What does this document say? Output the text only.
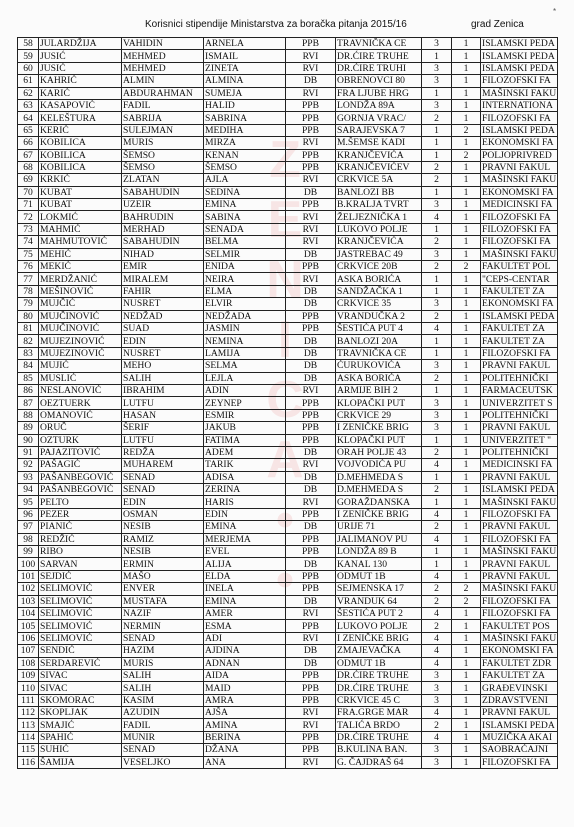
Korisnici stipendije Ministarstva za boračka pitanja 2015/16	grad Zenica
*
Z
E
N
I
C
A
•
•
58	JULARDŽIJA	VAHIDIN	ARNELA	PPB	TRAVNIČKA CE	3	1	ISLAMSKI PEDA
59	JUSIĆ	MEHMED	ISMAIL	RVI	DR.ĆIRE TRUHE	1	1	ISLAMSKI PEDA
60	JUSIĆ	MEHMED	ZINETA	RVI	DR.ĆIRE TRUHI	3	1	ISLAMSKI PEDA
61	KAHRIĆ	ALMIN	ALMINA	DB	OBRENOVCI 80	3	1	FILOZOFSKI FA
62	KARIĆ	ABDURAHMAN	SUMEJA	RVI	FRA LJUBE HRG	1	1	MAŠINSKI FAKU
63	KASAPOVIĆ	FADIL	HALID	PPB	LONDŽA 89A	3	1	INTERNATIONA
64	KELEŠTURA	SABRIJA	SABRINA	PPB	GORNJA VRAC/	2	1	FILOZOFSKI FA
65	KERIĆ	SULEJMAN	MEDIHA	PPB	SARAJEVSKA 7	1	2	ISLAMSKI PEDA
66	KOBILICA	MURIS	MIRZA	RVI	M.ŠEMSE KADI	1	1	EKONOMSKI FA
67	KOBILICA	ŠEMSO	KENAN	PPB	KRANJČEVIĆA	1	2	POLJOPRIVRED
68	KOBILICA	ŠEMSO	ŠEMSO	PPB	KRANJČEVIĆEV	2	1	PRAVNI FAKUL
69	KRKIĆ	ZLATAN	AJLA	RVI	CRKVICE 5A	2	1	MAŠINSKI FAKU
70	KUBAT	SABAHUDIN	SEDINA	DB	BANLOZI BB	1	1	EKONOMSKI FA
71	KUBAT	UZEIR	EMINA	PPB	B.KRALJA TVRT	3	1	MEDICINSKI FA
72	LOKMIĆ	BAHRUDIN	SABINA	RVI	ŽELJEZNIČKA 1	4	1	FILOZOFSKI FA
73	MAHMIĆ	MERHAD	SENADA	RVI	LUKOVO POLJE	1	1	FILOZOFSKI FA
74	MAHMUTOVIĆ	SABAHUDIN	BELMA	RVI	KRANJČEVIĆA	2	1	FILOZOFSKI FA
75	MEHIĆ	NIHAD	SELMIR	DB	JASTREBAC 49	3	1	MAŠINSKI FAKU
76	MEKIĆ	EMIR	ENIDA	PPB	CRKVICE 20B	2	2	FAKULTET POL
77	MERDŽANIĆ	MIRALEM	NEIRA	RVI	ASKA BORIĆA	1	1	"CEPS-CENTAR
78	MEŠINOVIĆ	FAHIR	ELMA	DB	SANDŽAČKA 1	1	1	FAKULTET ZA
79	MUJČIĆ	NUSRET	ELVIR	DB	CRKVICE 35	3	1	EKONOMSKI FA
80	MUJČINOVIĆ	NEDŽAD	NEDŽADA	PPB	VRANDUČKA 2	2	1	ISLAMSKI PEDA
81	MUJČINOVIĆ	SUAD	JASMIN	PPB	ŠESTIĆA PUT 4	4	1	FAKULTET ZA
82	MUJEZINOVIĆ	EDIN	NEMINA	DB	BANLOZI 20A	1	1	FAKULTET ZA
83	MUJEZINOVIĆ	NUSRET	LAMIJA	DB	TRAVNIČKA CE	1	1	FILOZOFSKI FA
84	MUJIĆ	MEHO	SELMA	DB	ĆURUKOVIĆA	3	1	PRAVNI FAKUL
85	MUSLIĆ	SALIH	LEJLA	DB	ASKA BORIĆA	2	1	POLITEHNIČKI
86	NESLANOVIĆ	IBRAHIM	ADIN	RVI	ARMIJE BIH 2	1	1	FARMACEUTSK
87	OEZTUERK	LUTFU	ZEYNEP	PPB	KLOPAČKI PUT	3	1	UNIVERZITET S
88	OMANOVIĆ	HASAN	ESMIR	PPB	CRKVICE 29	3	1	POLITEHNIČKI
89	ORUČ	ŠERIF	JAKUB	PPB	I ZENIČKE BRIG	3	1	PRAVNI FAKUL
90	OZTURK	LUTFU	FATIMA	PPB	KLOPAČKI PUT	1	1	UNIVERZITET "
91	PAJAZITOVIĆ	REDŽA	ADEM	DB	ORAH POLJE 43	2	1	POLITEHNIČKI
92	PAŠAGIĆ	MUHAREM	TARIK	RVI	VOJVODIĆA PU	4	1	MEDICINSKI FA
93	PAŠANBEGOVIĆ	SENAD	ADISA	DB	D.MEHMEDA S	1	1	PRAVNI FAKUL
94	PAŠANBEGOVIĆ	SENAD	ZERINA	DB	D.MEHMEDA S	2	1	ISLAMSKI PEDA
95	PELTO	EDIN	HARIS	RVI	GORAŽDANSKA	1	1	MAŠINSKI FAKU
96	PEZER	OSMAN	EDIN	PPB	I ZENIČKE BRIG	4	1	FILOZOFSKI FA
97	PIANIĆ	NESIB	EMINA	DB	URIJE 71	2	1	PRAVNI FAKUL
98	REDŽIĆ	RAMIZ	MERJEMA	PPB	JALIMANOV PU	4	1	FILOZOFSKI FA
99	RIBO	NESIB	EVEL	PPB	LONDŽA 89 B	1	1	MAŠINSKI FAKU
100	SARVAN	ERMIN	ALIJA	DB	KANAL 130	1	1	PRAVNI FAKUL
101	SEJDIĆ	MAŠO	ELDA	PPB	ODMUT 1B	4	1	PRAVNI FAKUL
102	SELIMOVIĆ	ENVER	INELA	PPB	SEJMENSKA 17	2	2	MAŠINSKI FAKU
103	SELIMOVIĆ	MUSTAFA	EMINA	DB	VRANDUK 64	2	2	FILOZOFSKI FA
104	SELIMOVIĆ	NAZIF	AMER	RVI	ŠESTIĆA PUT 2	4	1	FILOZOFSKI FA
105	SELIMOVIĆ	NERMIN	ESMA	PPB	LUKOVO POLJE	2	1	FAKULTET POS
106	SELIMOVIĆ	SENAD	ADI	RVI	I ZENIČKE BRIG	4	1	MAŠINSKI FAKU
107	SENDIĆ	HAZIM	AJDINA	DB	ZMAJEVAČKA	4	1	EKONOMSKI FA
108	SERDAREVIĆ	MURIS	ADNAN	DB	ODMUT 1B	4	1	FAKULTET ZDR
109	SIVAC	SALIH	AIDA	PPB	DR.ĆIRE TRUHE	3	1	FAKULTET ZA
110	SIVAC	SALIH	MAID	PPB	DR.ĆIRE TRUHE	3	1	GRAĐEVINSKI
111	SKOMORAC	KASIM	AMRA	PPB	CRKVICE 45 C	3	1	ZDRAVSTVENI
112	SKOPLJAK	AZUDIN	AJŠA	RVI	FRA.GRGE MAR	4	1	PRAVNI FAKUL
113	SMAJIĆ	FADIL	AMINA	RVI	TALIĆA BRDO	2	1	ISLAMSKI PEDA
114	SPAHIĆ	MUNIR	BERINA	PPB	DR.ĆIRE TRUHE	4	1	MUZIČKA AKAI
115	SUHIĆ	SENAD	DŽANA	PPB	B.KULINA BAN.	3	1	SAOBRAĆAJNI
116	ŠAMIJA	VESELJKO	ANA	RVI	G. ČAJDRAŠ 64	3	1	FILOZOFSKI FA
